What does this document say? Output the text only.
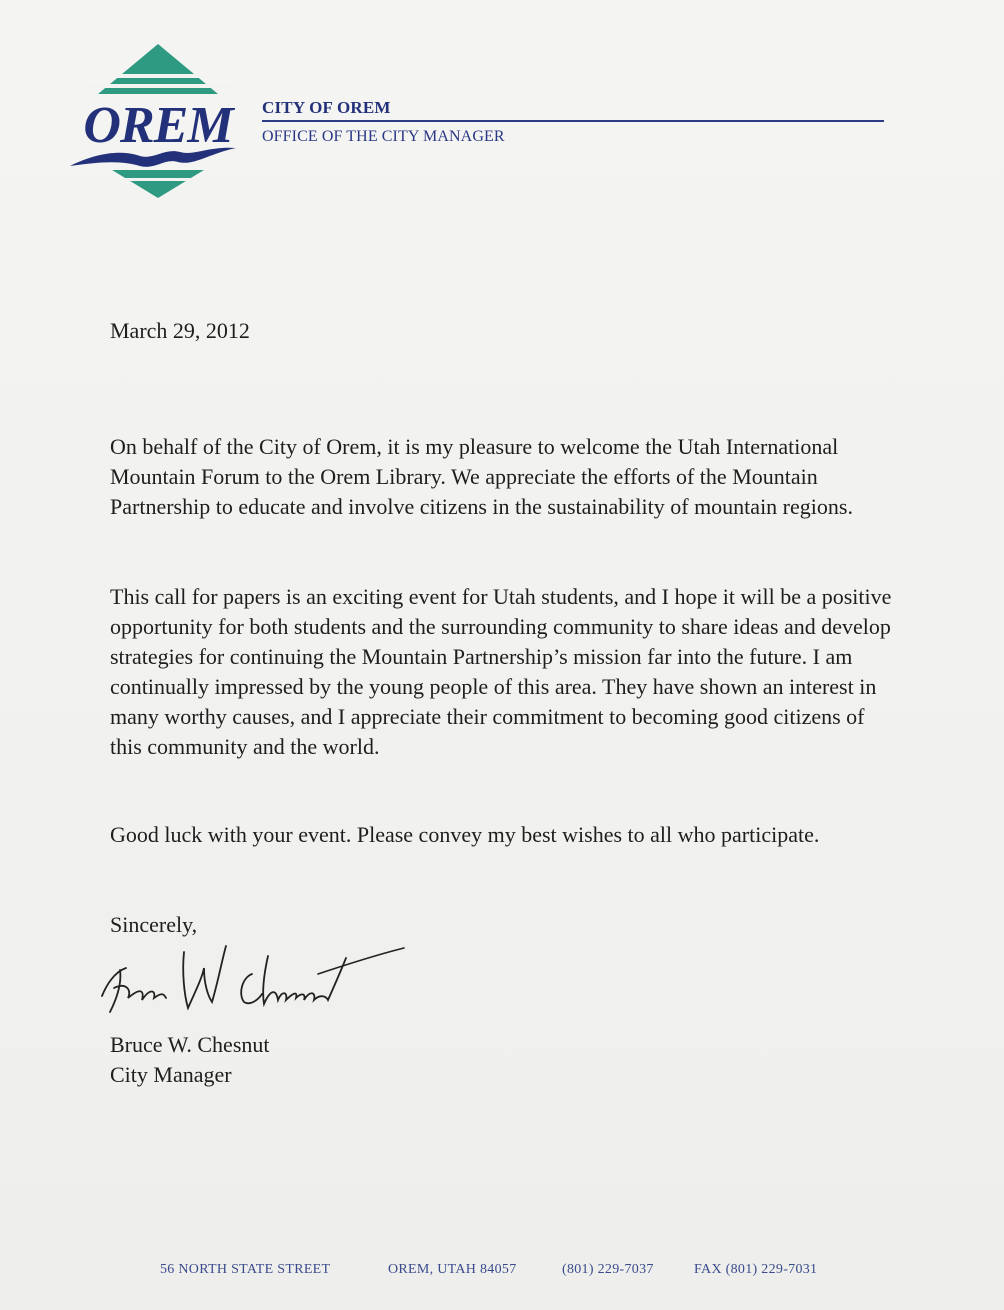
OREM CITY OF OREM
OFFICE OF THE CITY MANAGER

March 29, 2012

On behalf of the City of Orem, it is my pleasure to welcome the Utah International Mountain Forum to the Orem Library. We appreciate the efforts of the Mountain Partnership to educate and involve citizens in the sustainability of mountain regions.

This call for papers is an exciting event for Utah students, and I hope it will be a positive opportunity for both students and the surrounding community to share ideas and develop strategies for continuing the Mountain Partnership’s mission far into the future. I am continually impressed by the young people of this area. They have shown an interest in many worthy causes, and I appreciate their commitment to becoming good citizens of this community and the world.

Good luck with your event. Please convey my best wishes to all who participate.

Sincerely,

Bruce W. Chesnut

City Manager

56 NORTH STATE STREET	OREM, UTAH 84057	(801) 229-7037	FAX (801) 229-7031
